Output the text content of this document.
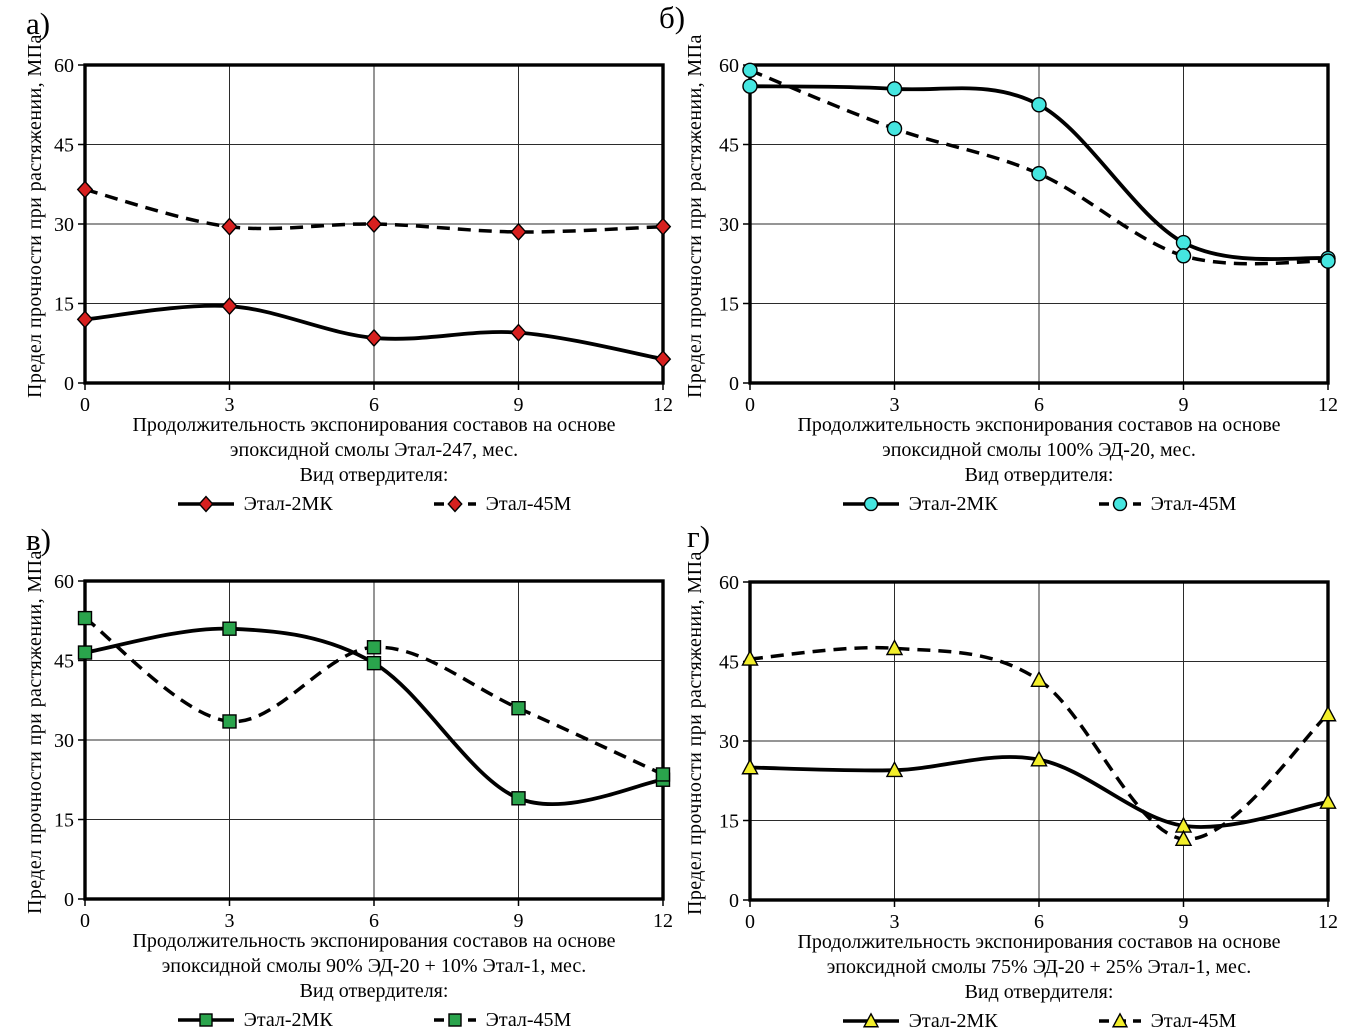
а)
Предел прочности при растяжении, МПа 0
15
30
45
60
0	3	6	9	12
Продолжительность экспонирования составов на основе
эпоксидной смолы Этал-247, мес.
Вид отвердителя:
Этал-2МК	Этал-45М
б)
Предел прочности при растяжении, МПа 0
15
30
45
60
0	3	6	9	12
Продолжительность экспонирования составов на основе
эпоксидной смолы 100% ЭД-20, мес.
Вид отвердителя:
Этал-2МК	Этал-45М
в)
Предел прочности при растяжении, МПа 0
15
30
45
60
0	3	6	9	12
Продолжительность экспонирования составов на основе
эпоксидной смолы 90% ЭД-20 + 10% Этал-1, мес.
Вид отвердителя:
Этал-2МК	Этал-45М
г)
Предел прочности при растяжении, МПа 0
15
30
45
60
0	3	6	9	12
Продолжительность экспонирования составов на основе
эпоксидной смолы 75% ЭД-20 + 25% Этал-1, мес.
Вид отвердителя:
Этал-2МК	Этал-45М
